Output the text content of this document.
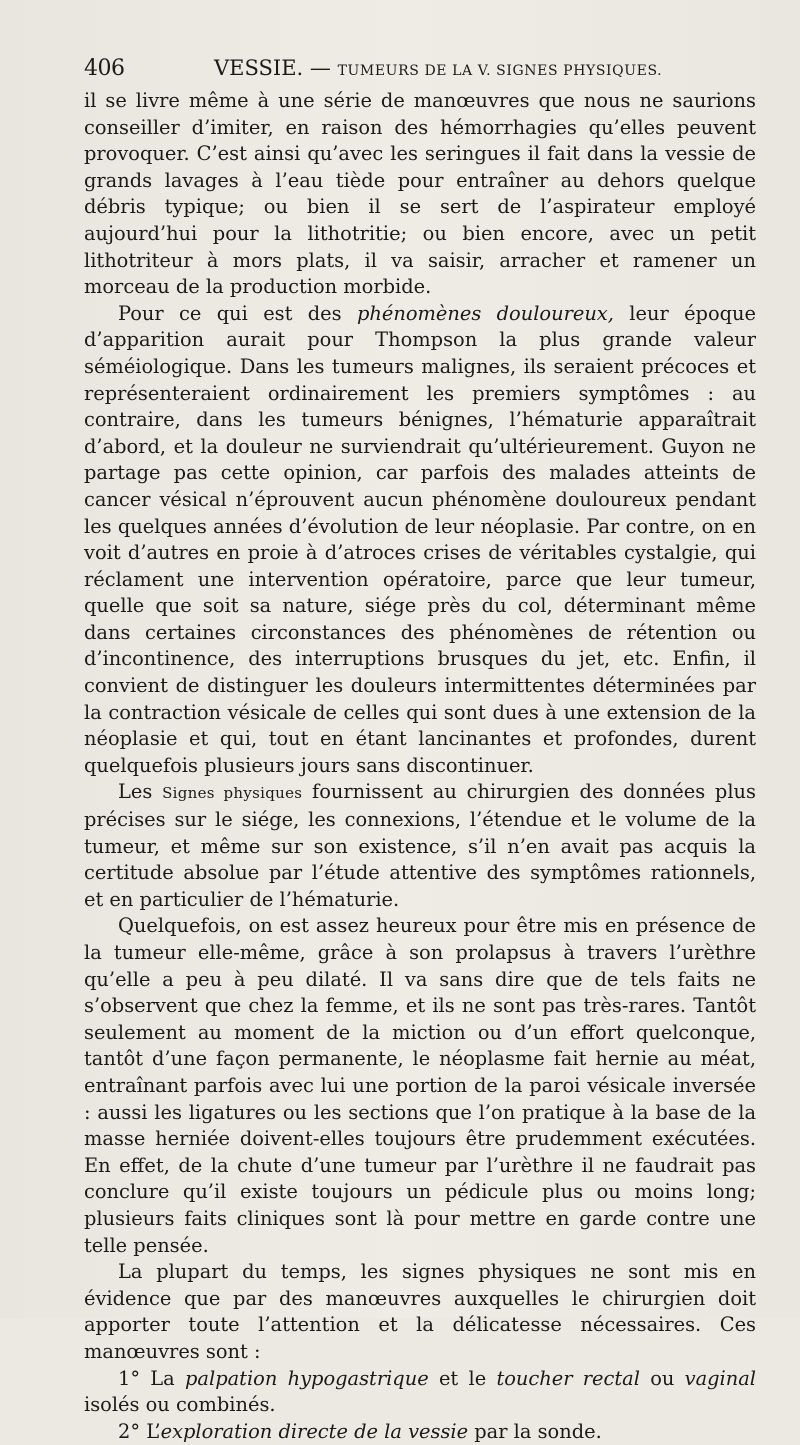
406	VESSIE. — TUMEURS DE LA V. SIGNES PHYSIQUES.

il se livre même à une série de manœuvres que nous ne saurions conseiller d’imiter, en raison des hémorrhagies qu’elles peuvent provoquer. C’est ainsi qu’avec les seringues il fait dans la vessie de grands lavages à l’eau tiède pour entraîner au dehors quelque débris typique; ou bien il se sert de l’aspirateur employé aujourd’hui pour la lithotritie; ou bien encore, avec un petit lithotriteur à mors plats, il va saisir, arracher et ramener un morceau de la production morbide.

Pour ce qui est des phénomènes douloureux, leur époque d’apparition aurait pour Thompson la plus grande valeur séméiologique. Dans les tumeurs malignes, ils seraient précoces et représenteraient ordinairement les premiers symptômes : au contraire, dans les tumeurs bénignes, l’hématurie apparaîtrait d’abord, et la douleur ne surviendrait qu’ultérieurement. Guyon ne partage pas cette opinion, car parfois des malades atteints de cancer vésical n’éprouvent aucun phénomène douloureux pendant les quelques années d’évolution de leur néoplasie. Par contre, on en voit d’autres en proie à d’atroces crises de véritables cystalgie, qui réclament une intervention opératoire, parce que leur tumeur, quelle que soit sa nature, siége près du col, déterminant même dans certaines circonstances des phénomènes de rétention ou d’incontinence, des interruptions brusques du jet, etc. Enfin, il convient de distinguer les douleurs intermittentes déterminées par la contraction vésicale de celles qui sont dues à une extension de la néoplasie et qui, tout en étant lancinantes et profondes, durent quelquefois plusieurs jours sans discontinuer.

Les Signes physiques fournissent au chirurgien des données plus précises sur le siége, les connexions, l’étendue et le volume de la tumeur, et même sur son existence, s’il n’en avait pas acquis la certitude absolue par l’étude attentive des symptômes rationnels, et en particulier de l’hématurie.

Quelquefois, on est assez heureux pour être mis en présence de la tumeur elle-même, grâce à son prolapsus à travers l’urèthre qu’elle a peu à peu dilaté. Il va sans dire que de tels faits ne s’observent que chez la femme, et ils ne sont pas très-rares. Tantôt seulement au moment de la miction ou d’un effort quelconque, tantôt d’une façon permanente, le néoplasme fait hernie au méat, entraînant parfois avec lui une portion de la paroi vésicale inversée : aussi les ligatures ou les sections que l’on pratique à la base de la masse herniée doivent-elles toujours être prudemment exécutées. En effet, de la chute d’une tumeur par l’urèthre il ne faudrait pas conclure qu’il existe toujours un pédicule plus ou moins long; plusieurs faits cliniques sont là pour mettre en garde contre une telle pensée.

La plupart du temps, les signes physiques ne sont mis en évidence que par des manœuvres auxquelles le chirurgien doit apporter toute l’attention et la délicatesse nécessaires. Ces manœuvres sont :

1° La palpation hypogastrique et le toucher rectal ou vaginal isolés ou combinés.

2° L’exploration directe de la vessie par la sonde.
